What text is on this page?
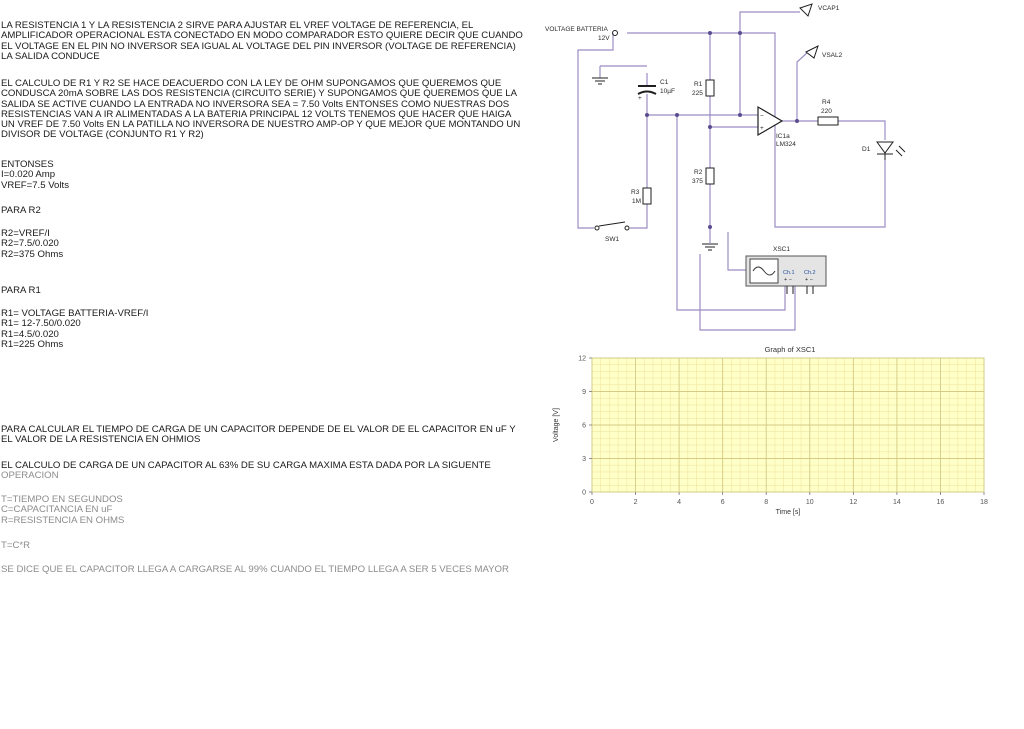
LA RESISTENCIA 1 Y LA RESISTENCIA 2 SIRVE PARA AJUSTAR EL VREF VOLTAGE DE REFERENCIA, EL
AMPLIFICADOR OPERACIONAL ESTA CONECTADO EN MODO COMPARADOR ESTO QUIERE DECIR QUE CUANDO
EL VOLTAGE EN EL PIN NO INVERSOR SEA IGUAL AL VOLTAGE DEL PIN INVERSOR (VOLTAGE DE REFERENCIA)
LA SALIDA CONDUCE
EL CALCULO DE R1 Y R2 SE HACE DEACUERDO CON LA LEY DE OHM SUPONGAMOS QUE QUEREMOS QUE
CONDUSCA 20mA SOBRE LAS DOS RESISTENCIA (CIRCUITO SERIE) Y SUPONGAMOS QUE QUEREMOS QUE LA
SALIDA SE ACTIVE CUANDO LA ENTRADA NO INVERSORA SEA = 7.50 Volts ENTONSES COMO NUESTRAS DOS
RESISTENCIAS VAN A IR ALIMENTADAS A LA BATERIA PRINCIPAL 12 VOLTS TENEMOS QUE HACER QUE HAIGA
UN VREF DE 7.50 Volts EN LA PATILLA NO INVERSORA DE NUESTRO AMP-OP Y QUE MEJOR QUE MONTANDO UN
DIVISOR DE VOLTAGE (CONJUNTO R1 Y R2)
ENTONSES
I=0.020 Amp
VREF=7.5 Volts
PARA R2
R2=VREF/I
R2=7.5/0.020
R2=375 Ohms
PARA R1
R1= VOLTAGE BATTERIA-VREF/I
R1= 12-7.50/0.020
R1=4.5/0.020
R1=225 Ohms
PARA CALCULAR EL TIEMPO DE CARGA DE UN CAPACITOR DEPENDE DE EL VALOR DE EL CAPACITOR EN uF Y
EL VALOR DE LA RESISTENCIA EN OHMIOS
EL CALCULO DE CARGA DE UN CAPACITOR AL 63% DE SU CARGA MAXIMA ESTA DADA POR LA SIGUENTE
OPERACION
T=TIEMPO EN SEGUNDOS
C=CAPACITANCIA EN uF
R=RESISTENCIA EN OHMS
T=C*R
SE DICE QUE EL CAPACITOR LLEGA A CARGARSE AL 99% CUANDO EL TIEMPO LLEGA A SER 5 VECES MAYOR
VOLTAGE BATTERIA
12V
VCAP1
VSAL2
C1
10µF
+
R1
225
R2
375
R3
1M
R4
220
IC1a
LM324
+
−
D1
SW1
XSC1
Ch.1 Ch.2
+ − + −
Graph of XSC1
0	2	4	6	8	10	12	14	16	18
0
3
6
9
12
Time [s]
Voltage [V]
